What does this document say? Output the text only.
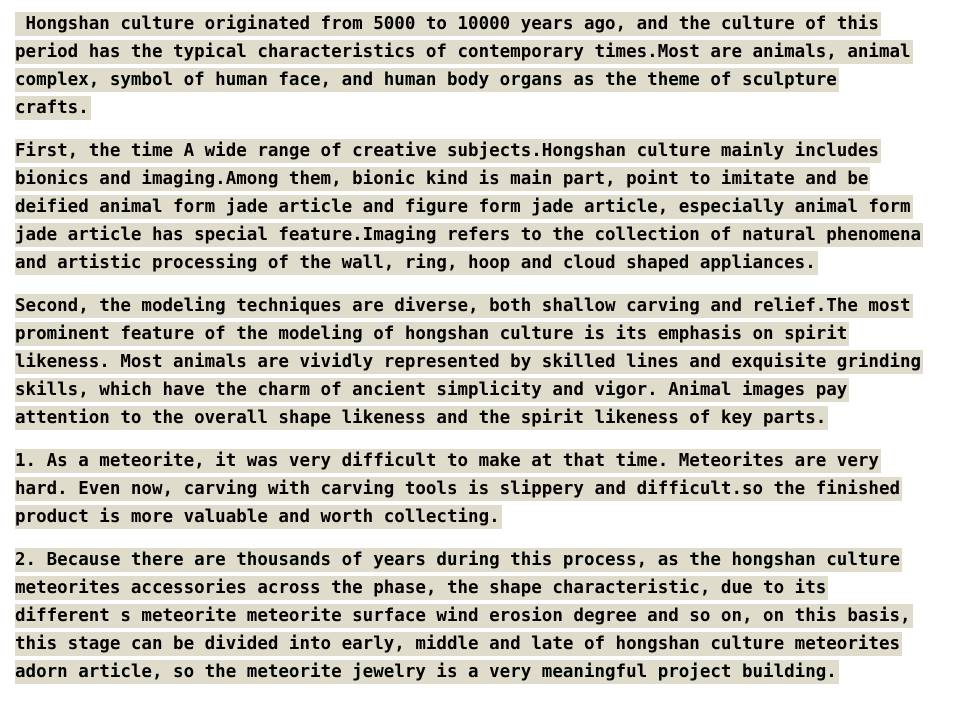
Hongshan culture originated from 5000 to 10000 years ago, and the culture of this
period has the typical characteristics of contemporary times.Most are animals, animal
complex, symbol of human face, and human body organs as the theme of sculpture
crafts.
First, the time A wide range of creative subjects.Hongshan culture mainly includes
bionics and imaging.Among them, bionic kind is main part, point to imitate and be
deified animal form jade article and figure form jade article, especially animal form
jade article has special feature.Imaging refers to the collection of natural phenomena
and artistic processing of the wall, ring, hoop and cloud shaped appliances.
Second, the modeling techniques are diverse, both shallow carving and relief.The most
prominent feature of the modeling of hongshan culture is its emphasis on spirit
likeness. Most animals are vividly represented by skilled lines and exquisite grinding
skills, which have the charm of ancient simplicity and vigor. Animal images pay
attention to the overall shape likeness and the spirit likeness of key parts.
1. As a meteorite, it was very difficult to make at that time. Meteorites are very
hard. Even now, carving with carving tools is slippery and difficult.so the finished
product is more valuable and worth collecting.
2. Because there are thousands of years during this process, as the hongshan culture
meteorites accessories across the phase, the shape characteristic, due to its
different s meteorite meteorite surface wind erosion degree and so on, on this basis,
this stage can be divided into early, middle and late of hongshan culture meteorites
adorn article, so the meteorite jewelry is a very meaningful project building.
